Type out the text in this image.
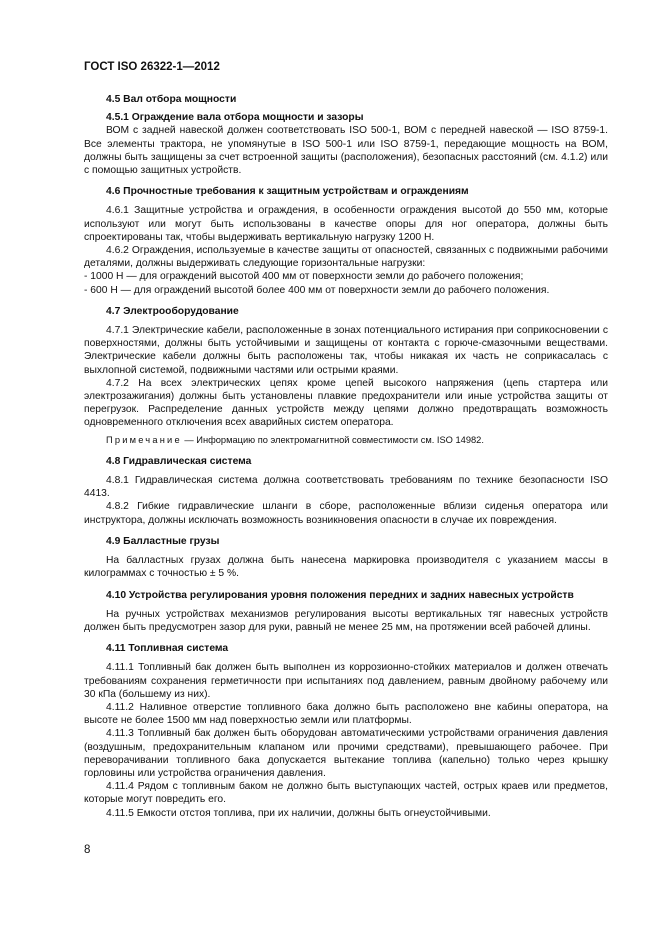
ГОСТ ISO 26322-1—2012
4.5 Вал отбора мощности
4.5.1 Ограждение вала отбора мощности и зазоры

ВОМ с задней навеской должен соответствовать ISO 500-1, ВОМ с передней навеской — ISO 8759-1. Все элементы трактора, не упомянутые в ISO 500-1 или ISO 8759-1, передающие мощность на ВОМ, должны быть защищены за счет встроенной защиты (расположения), безопасных расстояний (см. 4.1.2) или с помощью защитных устройств.

4.6 Прочностные требования к защитным устройствам и ограждениям

4.6.1 Защитные устройства и ограждения, в особенности ограждения высотой до 550 мм, которые используют или могут быть использованы в качестве опоры для ног оператора, должны быть спроектированы так, чтобы выдерживать вертикальную нагрузку 1200 Н.

4.6.2 Ограждения, используемые в качестве защиты от опасностей, связанных с подвижными рабочими деталями, должны выдерживать следующие горизонтальные нагрузки:

- 1000 Н — для ограждений высотой 400 мм от поверхности земли до рабочего положения;

- 600 Н — для ограждений высотой более 400 мм от поверхности земли до рабочего положения.

4.7 Электрооборудование

4.7.1 Электрические кабели, расположенные в зонах потенциального истирания при соприкосновении с поверхностями, должны быть устойчивыми и защищены от контакта с горюче-смазочными веществами. Электрические кабели должны быть расположены так, чтобы никакая их часть не соприкасалась с выхлопной системой, подвижными частями или острыми краями.

4.7.2 На всех электрических цепях кроме цепей высокого напряжения (цепь стартера или электрозажигания) должны быть установлены плавкие предохранители или иные устройства защиты от перегрузок. Распределение данных устройств между цепями должно предотвращать возможность одновременного отключения всех аварийных систем оператора.

Примечание — Информацию по электромагнитной совместимости см. ISO 14982.

4.8 Гидравлическая система

4.8.1 Гидравлическая система должна соответствовать требованиям по технике безопасности ISO 4413.

4.8.2 Гибкие гидравлические шланги в сборе, расположенные вблизи сиденья оператора или инструктора, должны исключать возможность возникновения опасности в случае их повреждения.

4.9 Балластные грузы

На балластных грузах должна быть нанесена маркировка производителя с указанием массы в килограммах с точностью ± 5 %.

4.10 Устройства регулирования уровня положения передних и задних навесных устройств

На ручных устройствах механизмов регулирования высоты вертикальных тяг навесных устройств должен быть предусмотрен зазор для руки, равный не менее 25 мм, на протяжении всей рабочей длины.

4.11 Топливная система

4.11.1 Топливный бак должен быть выполнен из коррозионно-стойких материалов и должен отвечать требованиям сохранения герметичности при испытаниях под давлением, равным двойному рабочему или 30 кПа (большему из них).

4.11.2 Наливное отверстие топливного бака должно быть расположено вне кабины оператора, на высоте не более 1500 мм над поверхностью земли или платформы.

4.11.3 Топливный бак должен быть оборудован автоматическими устройствами ограничения давления (воздушным, предохранительным клапаном или прочими средствами), превышающего рабочее. При переворачивании топливного бака допускается вытекание топлива (капельно) только через крышку горловины или устройства ограничения давления.

4.11.4 Рядом с топливным баком не должно быть выступающих частей, острых краев или предметов, которые могут повредить его.

4.11.5 Емкости отстоя топлива, при их наличии, должны быть огнеустойчивыми.

8
